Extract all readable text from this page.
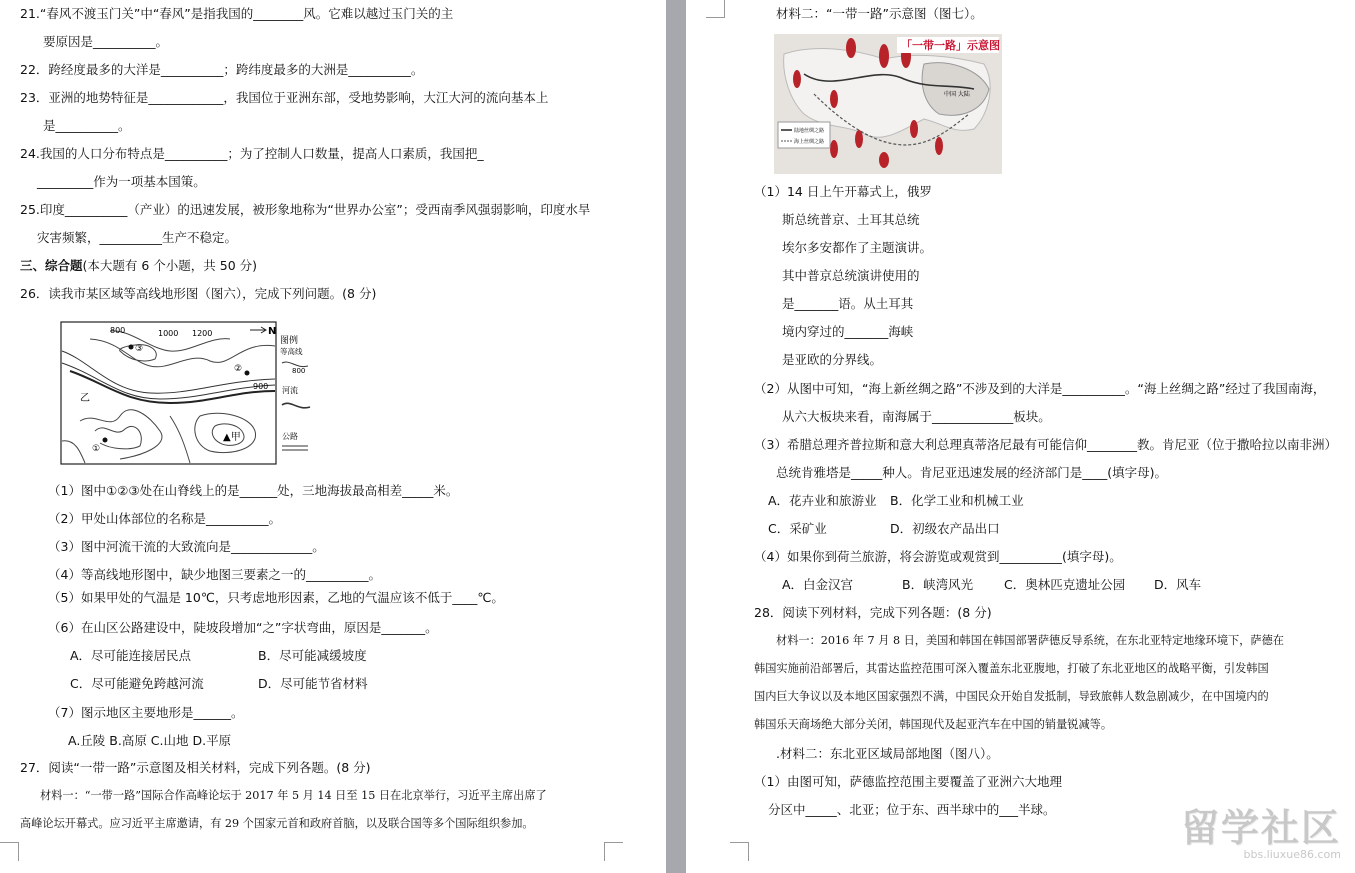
21.“春风不渡玉门关”中“春风”是指我国的________风。它难以越过玉门关的主
要原因是__________。
22．跨经度最多的大洋是__________；跨纬度最多的大洲是__________。
23．亚洲的地势特征是____________，我国位于亚洲东部，受地势影响，大江大河的流向基本上
是__________。
24.我国的人口分布特点是__________；为了控制人口数量，提高人口素质，我国把_
_________作为一项基本国策。
25.印度__________（产业）的迅速发展，被形象地称为“世界办公室”；受西南季风强弱影响，印度水旱
灾害频繁，__________生产不稳定。
三、综合题(本大题有 6 个小题，共 50 分)
26．读我市某区域等高线地形图（图六），完成下列问题。(8 分)
800	1000 1200	N
③
②
①
乙
▲甲
900
图例
等高线
800
河流
公路
（1）图中①②③处在山脊线上的是______处，三地海拔最高相差_____米。
（2）甲处山体部位的名称是__________。
（3）图中河流干流的大致流向是_____________。
（4）等高线地形图中，缺少地图三要素之一的__________。
（5）如果甲处的气温是 10℃，只考虑地形因素，乙地的气温应该不低于____℃。
（6）在山区公路建设中，陡坡段增加“之”字状弯曲，原因是_______。
A．尽可能连接居民点	B．尽可能减缓坡度
C．尽可能避免跨越河流	D．尽可能节省材料
（7）图示地区主要地形是______。
A.丘陵 B.高原 C.山地 D.平原
27．阅读“一带一路”示意图及相关材料，完成下列各题。(8 分)
材料一：“一带一路”国际合作高峰论坛于 2017 年 5 月 14 日至 15 日在北京举行，习近平主席出席了
高峰论坛开幕式。应习近平主席邀请，有 29 个国家元首和政府首脑，以及联合国等多个国际组织参加。
材料二：“一带一路”示意图（图七）。
「一带一路」示意图
中国 大陆
陆地丝绸之路
海上丝绸之路
（1）14 日上午开幕式上，俄罗
斯总统普京、土耳其总统
埃尔多安都作了主题演讲。
其中普京总统演讲使用的
是_______语。从土耳其
境内穿过的_______海峡
是亚欧的分界线。
（2）从图中可知，“海上新丝绸之路”不涉及到的大洋是__________。“海上丝绸之路”经过了我国南海，
从六大板块来看，南海属于_____________板块。
（3）希腊总理齐普拉斯和意大利总理真蒂洛尼最有可能信仰________教。肯尼亚（位于撒哈拉以南非洲）
总统肯雅塔是_____种人。肯尼亚迅速发展的经济部门是____(填字母)。
A．花卉业和旅游业 B．化学工业和机械工业
C．采矿业	D．初级农产品出口
（4）如果你到荷兰旅游，将会游览或观赏到__________(填字母)。
A．白金汉宫	B．峡湾风光 C．奥林匹克遗址公园 D．风车
28．阅读下列材料，完成下列各题：(8 分)
材料一：2016 年 7 月 8 日，美国和韩国在韩国部署萨德反导系统，在东北亚特定地缘环境下，萨德在
韩国实施前沿部署后，其雷达监控范围可深入覆盖东北亚腹地，打破了东北亚地区的战略平衡，引发韩国
国内巨大争议以及本地区国家强烈不满，中国民众开始自发抵制，导致旅韩人数急剧减少，在中国境内的
韩国乐天商场绝大部分关闭，韩国现代及起亚汽车在中国的销量锐减等。
.材料二：东北亚区域局部地图（图八）。
（1）由图可知，萨德监控范围主要覆盖了亚洲六大地理
分区中_____、北亚；位于东、西半球中的___半球。	留学社区
bbs.liuxue86.com
